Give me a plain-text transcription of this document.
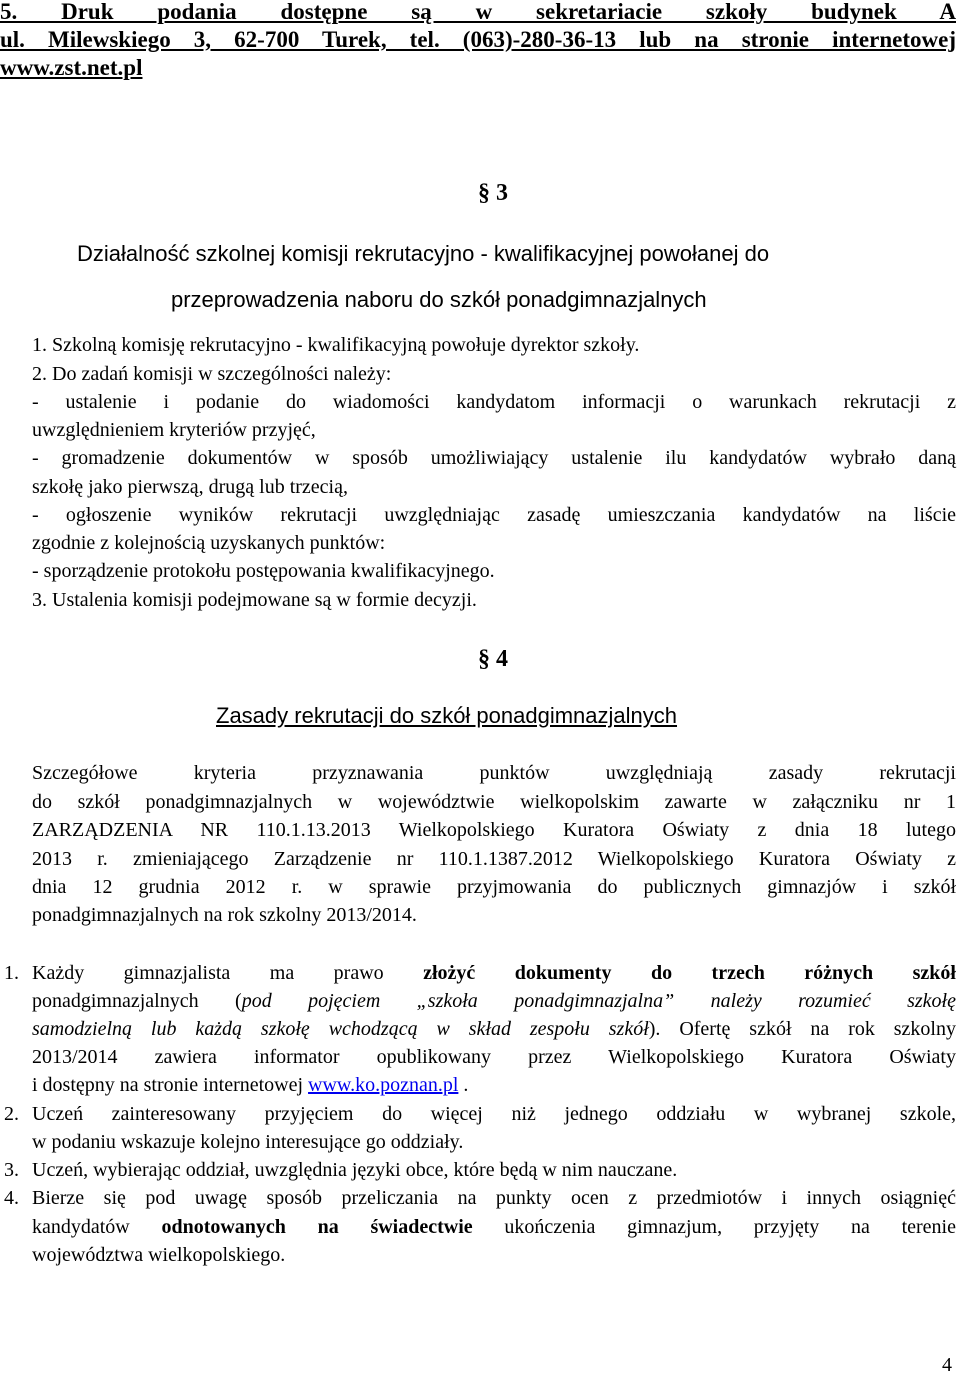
5. Druk podania dostępne są w sekretariacie szkoły budynek A
ul. Milewskiego 3, 62-700 Turek, tel. (063)-280-36-13 lub na stronie internetowej
www.zst.net.pl
§ 3
Działalność szkolnej komisji rekrutacyjno - kwalifikacyjnej powołanej do
przeprowadzenia naboru do szkół ponadgimnazjalnych
1. Szkolną komisję rekrutacyjno - kwalifikacyjną powołuje dyrektor szkoły.
2. Do zadań komisji w szczególności należy:
- ustalenie i podanie do wiadomości kandydatom informacji o warunkach rekrutacji z
uwzględnieniem kryteriów przyjęć,
- gromadzenie dokumentów w sposób umożliwiający ustalenie ilu kandydatów wybrało daną
szkołę jako pierwszą, drugą lub trzecią,
- ogłoszenie wyników rekrutacji uwzględniając zasadę umieszczania kandydatów na liście
zgodnie z kolejnością uzyskanych punktów:
- sporządzenie protokołu postępowania kwalifikacyjnego.
3. Ustalenia komisji podejmowane są w formie decyzji.
§ 4
Zasady rekrutacji do szkół ponadgimnazjalnych
Szczegółowe kryteria przyznawania punktów uwzględniają zasady rekrutacji
do szkół ponadgimnazjalnych w województwie wielkopolskim zawarte w załączniku nr 1
ZARZĄDZENIA NR 110.1.13.2013 Wielkopolskiego Kuratora Oświaty z dnia 18 lutego
2013 r. zmieniającego Zarządzenie nr 110.1.1387.2012 Wielkopolskiego Kuratora Oświaty z
dnia 12 grudnia 2012 r. w sprawie przyjmowania do publicznych gimnazjów i szkół
ponadgimnazjalnych na rok szkolny 2013/2014.
1. Każdy gimnazjalista ma prawo złożyć dokumenty do trzech różnych szkół
ponadgimnazjalnych (pod pojęciem „szkoła ponadgimnazjalna” należy rozumieć szkołę
samodzielną lub każdą szkołę wchodzącą w skład zespołu szkół). Ofertę szkół na rok szkolny
2013/2014 zawiera informator opublikowany przez Wielkopolskiego Kuratora Oświaty
i dostępny na stronie internetowej www.ko.poznan.pl .
2. Uczeń zainteresowany przyjęciem do więcej niż jednego oddziału w wybranej szkole,
w podaniu wskazuje kolejno interesujące go oddziały.
3. Uczeń, wybierając oddział, uwzględnia języki obce, które będą w nim nauczane.
4. Bierze się pod uwagę sposób przeliczania na punkty ocen z przedmiotów i innych osiągnięć
kandydatów odnotowanych na świadectwie ukończenia gimnazjum, przyjęty na terenie
województwa wielkopolskiego.
4
